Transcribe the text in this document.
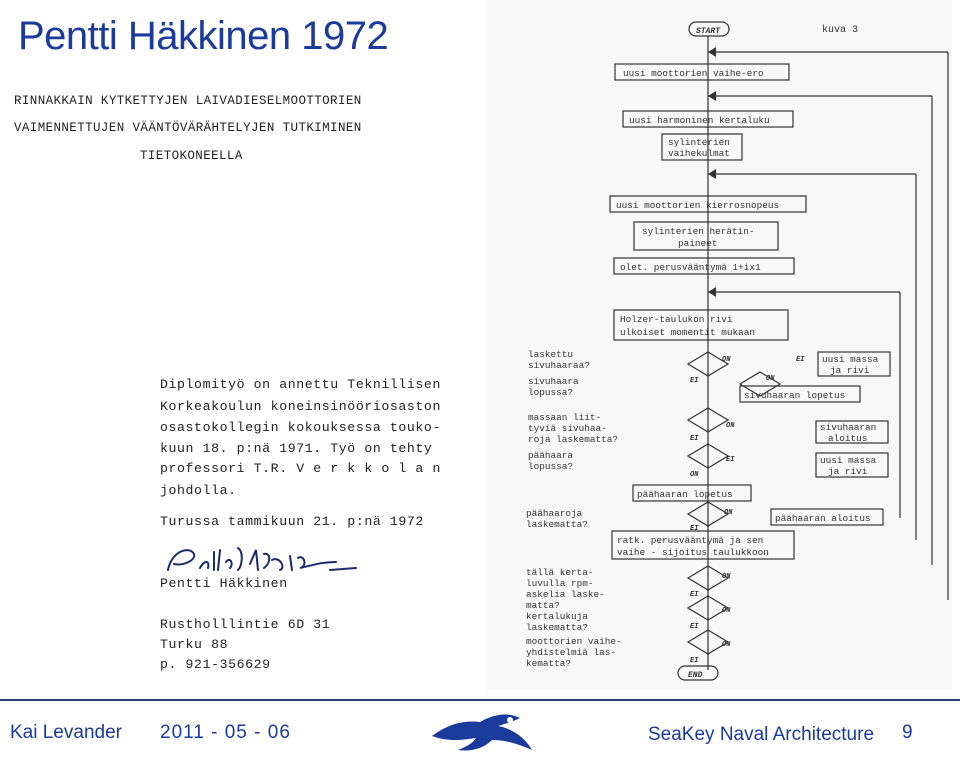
Pentti Häkkinen 1972
RINNAKKAIN KYTKETTYJEN LAIVADIESELMOOTTORIEN
VAIMENNETTUJEN VÄÄNTÖVÄRÄHTELYJEN TUTKIMINEN
TIETOKONEELLA
Diplomityö on annettu Teknillisen
Korkeakoulun koneinsinööriosaston
osastokollegin kokouksessa touko-
kuun 18. p:nä 1971. Työ on tehty
professori T.R. V e r k k o l a n
johdolla.
Turussa tammikuun 21. p:nä 1972
Pentti Häkkinen
Rustholllintie 6D 31
Turku 88
p. 921-356629
kuva 3
START
END
uusi moottorien vaihe-ero
uusi harmoninen kertaluku
sylinterien
vaihekulmat
uusi moottorien kierrosnopeus
sylinterien herätin-
paineet
olet. perusvääntymä 1+ix1
Holzer-taulukon rivi
ulkoiset momentit mukaan
uusi massa
ja rivi
sivuhaaran lopetus
sivuhaaran
aloitus
uusi massa
ja rivi
päähaaran lopetus
päähaaran aloitus
ratk. perusvääntymä ja sen
vaihe - sijoitus taulukkoon
ON	EI
EI	ON
ON
EI
EI
ON
ON
EI
ON
EI
ON
EI
ON
EI
laskettu
sivuhaaraa?
sivuhaara
lopussa?
massaan liit-
tyviä sivuhaa-
roja laskematta?
päähaara
lopussa?
päähaaroja
laskematta?
tällä kerta-
luvulla rpm-
askelia laske-
matta?
kertalukuja
laskematta?
moottorien vaihe-
yhdistelmiä las-
kematta?
Kai Levander 2011 - 05 - 06	SeaKey Naval Architecture 9
